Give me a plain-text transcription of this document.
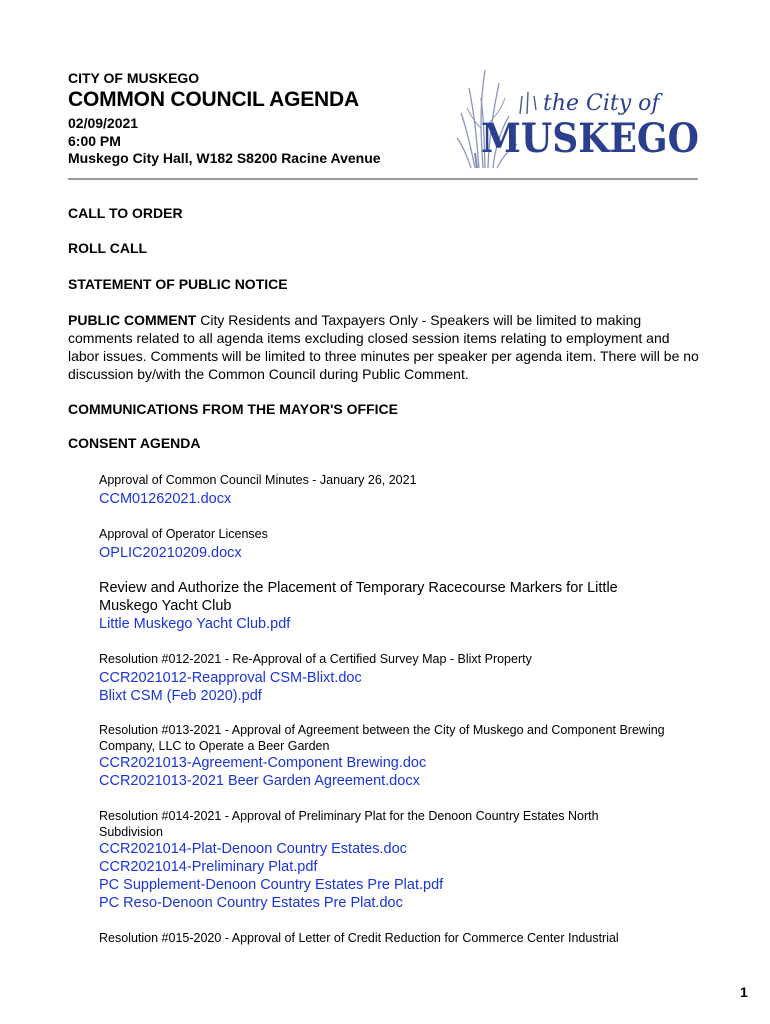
CITY OF MUSKEGO
COMMON COUNCIL AGENDA
02/09/2021
6:00 PM
Muskego City Hall, W182 S8200 Racine Avenue
the City of
MUSKEGO
CALL TO ORDER
ROLL CALL
STATEMENT OF PUBLIC NOTICE
PUBLIC COMMENT City Residents and Taxpayers Only - Speakers will be limited to making comments related to all agenda items excluding closed session items relating to employment and labor issues. Comments will be limited to three minutes per speaker per agenda item. There will be no discussion by/with the Common Council during Public Comment.
COMMUNICATIONS FROM THE MAYOR'S OFFICE
CONSENT AGENDA
Approval of Common Council Minutes - January 26, 2021
CCM01262021.docx
Approval of Operator Licenses
OPLIC20210209.docx
Review and Authorize the Placement of Temporary Racecourse Markers for Little Muskego Yacht Club
Little Muskego Yacht Club.pdf
Resolution #012-2021 - Re-Approval of a Certified Survey Map - Blixt Property
CCR2021012-Reapproval CSM-Blixt.doc
Blixt CSM (Feb 2020).pdf
Resolution #013-2021 - Approval of Agreement between the City of Muskego and Component Brewing Company, LLC to Operate a Beer Garden
CCR2021013-Agreement-Component Brewing.doc
CCR2021013-2021 Beer Garden Agreement.docx
Resolution #014-2021 - Approval of Preliminary Plat for the Denoon Country Estates North Subdivision
CCR2021014-Plat-Denoon Country Estates.doc
CCR2021014-Preliminary Plat.pdf
PC Supplement-Denoon Country Estates Pre Plat.pdf
PC Reso-Denoon Country Estates Pre Plat.doc
Resolution #015-2020 - Approval of Letter of Credit Reduction for Commerce Center Industrial
1
